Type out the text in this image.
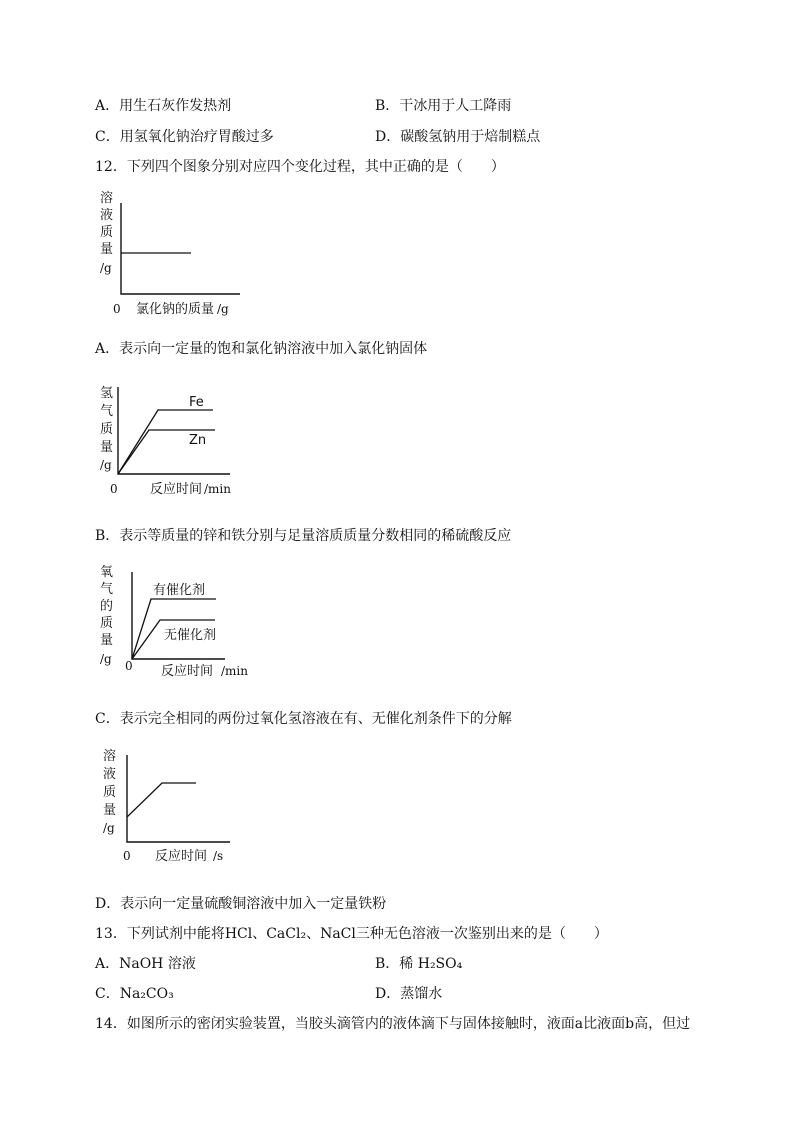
A．用生石灰作发热剂	B．干冰用于人工降雨
C．用氢氧化钠治疗胃酸过多	D．碳酸氢钠用于焙制糕点
12．下列四个图象分别对应四个变化过程，其中正确的是（　　）
溶
液
质
量
/g
0 氯化钠的质量 /g
A．表示向一定量的饱和氯化钠溶液中加入氯化钠固体
氢
气
质
量
/g
Fe
Zn
0 反应时间 /min
B．表示等质量的锌和铁分别与足量溶质质量分数相同的稀硫酸反应
氧
气
的
质
量
/g
有催化剂
无催化剂
0 反应时间 /min
C．表示完全相同的两份过氧化氢溶液在有、无催化剂条件下的分解
溶
液
质
量
/g
0 反应时间 /s
D．表示向一定量硫酸铜溶液中加入一定量铁粉
13．下列试剂中能将HCl、CaCl₂、NaCl三种无色溶液一次鉴别出来的是（　　）
A．NaOH 溶液	B．稀 H₂SO₄
C．Na₂CO₃	D．蒸馏水
14．如图所示的密闭实验装置，当胶头滴管内的液体滴下与固体接触时，液面a比液面b高，但过
